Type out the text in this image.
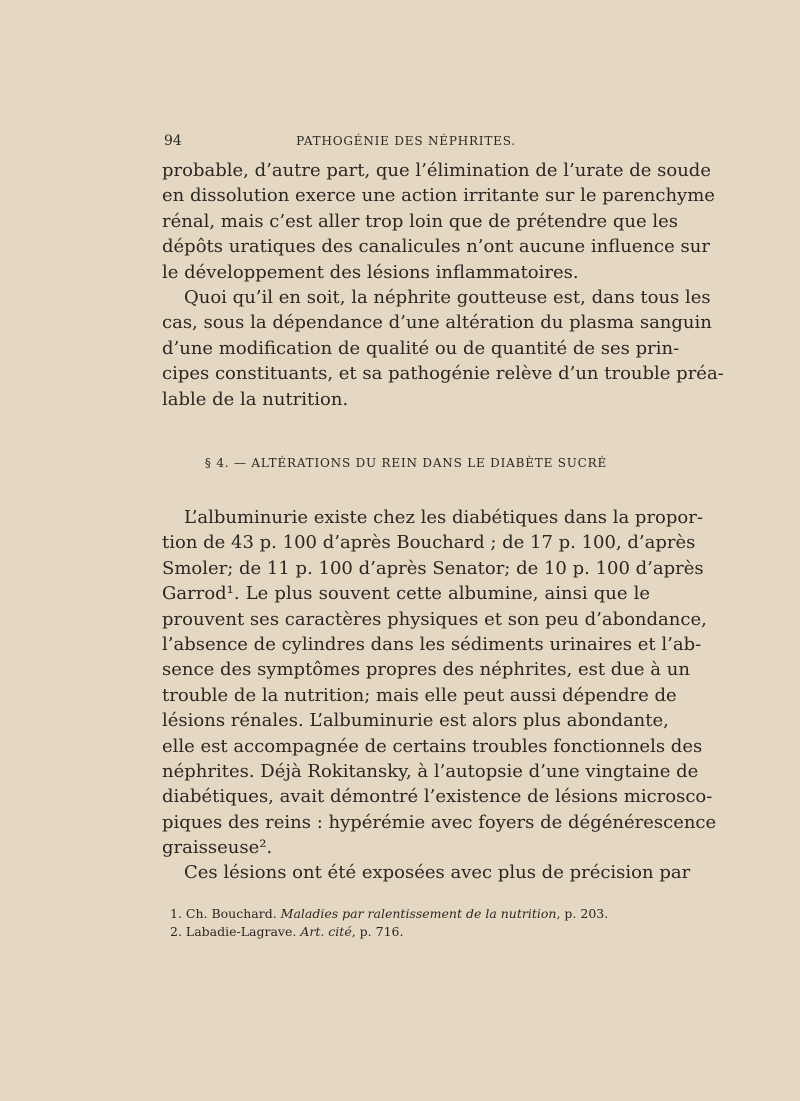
94	PATHOGÉNIE DES NÉPHRITES.
probable, d’autre part, que l’élimination de l’urate de soude
en dissolution exerce une action irritante sur le parenchyme
rénal, mais c’est aller trop loin que de prétendre que les
dépôts uratiques des canalicules n’ont aucune influence sur
le développement des lésions inflammatoires.
Quoi qu’il en soit, la néphrite goutteuse est, dans tous les
cas, sous la dépendance d’une altération du plasma sanguin
d’une modification de qualité ou de quantité de ses prin-
cipes constituants, et sa pathogénie relève d’un trouble préa-
lable de la nutrition.
§ 4. — ALTÉRATIONS DU REIN DANS LE DIABÈTE SUCRÉ
L’albuminurie existe chez les diabétiques dans la propor-
tion de 43 p. 100 d’après Bouchard ; de 17 p. 100, d’après
Smoler; de 11 p. 100 d’après Senator; de 10 p. 100 d’après
Garrod¹. Le plus souvent cette albumine, ainsi que le
prouvent ses caractères physiques et son peu d’abondance,
l’absence de cylindres dans les sédiments urinaires et l’ab-
sence des symptômes propres des néphrites, est due à un
trouble de la nutrition; mais elle peut aussi dépendre de
lésions rénales. L’albuminurie est alors plus abondante,
elle est accompagnée de certains troubles fonctionnels des
néphrites. Déjà Rokitansky, à l’autopsie d’une vingtaine de
diabétiques, avait démontré l’existence de lésions microsco-
piques des reins : hypérémie avec foyers de dégénérescence
graisseuse².
Ces lésions ont été exposées avec plus de précision par
1. Ch. Bouchard. Maladies par ralentissement de la nutrition, p. 203.
2. Labadie-Lagrave. Art. cité, p. 716.
